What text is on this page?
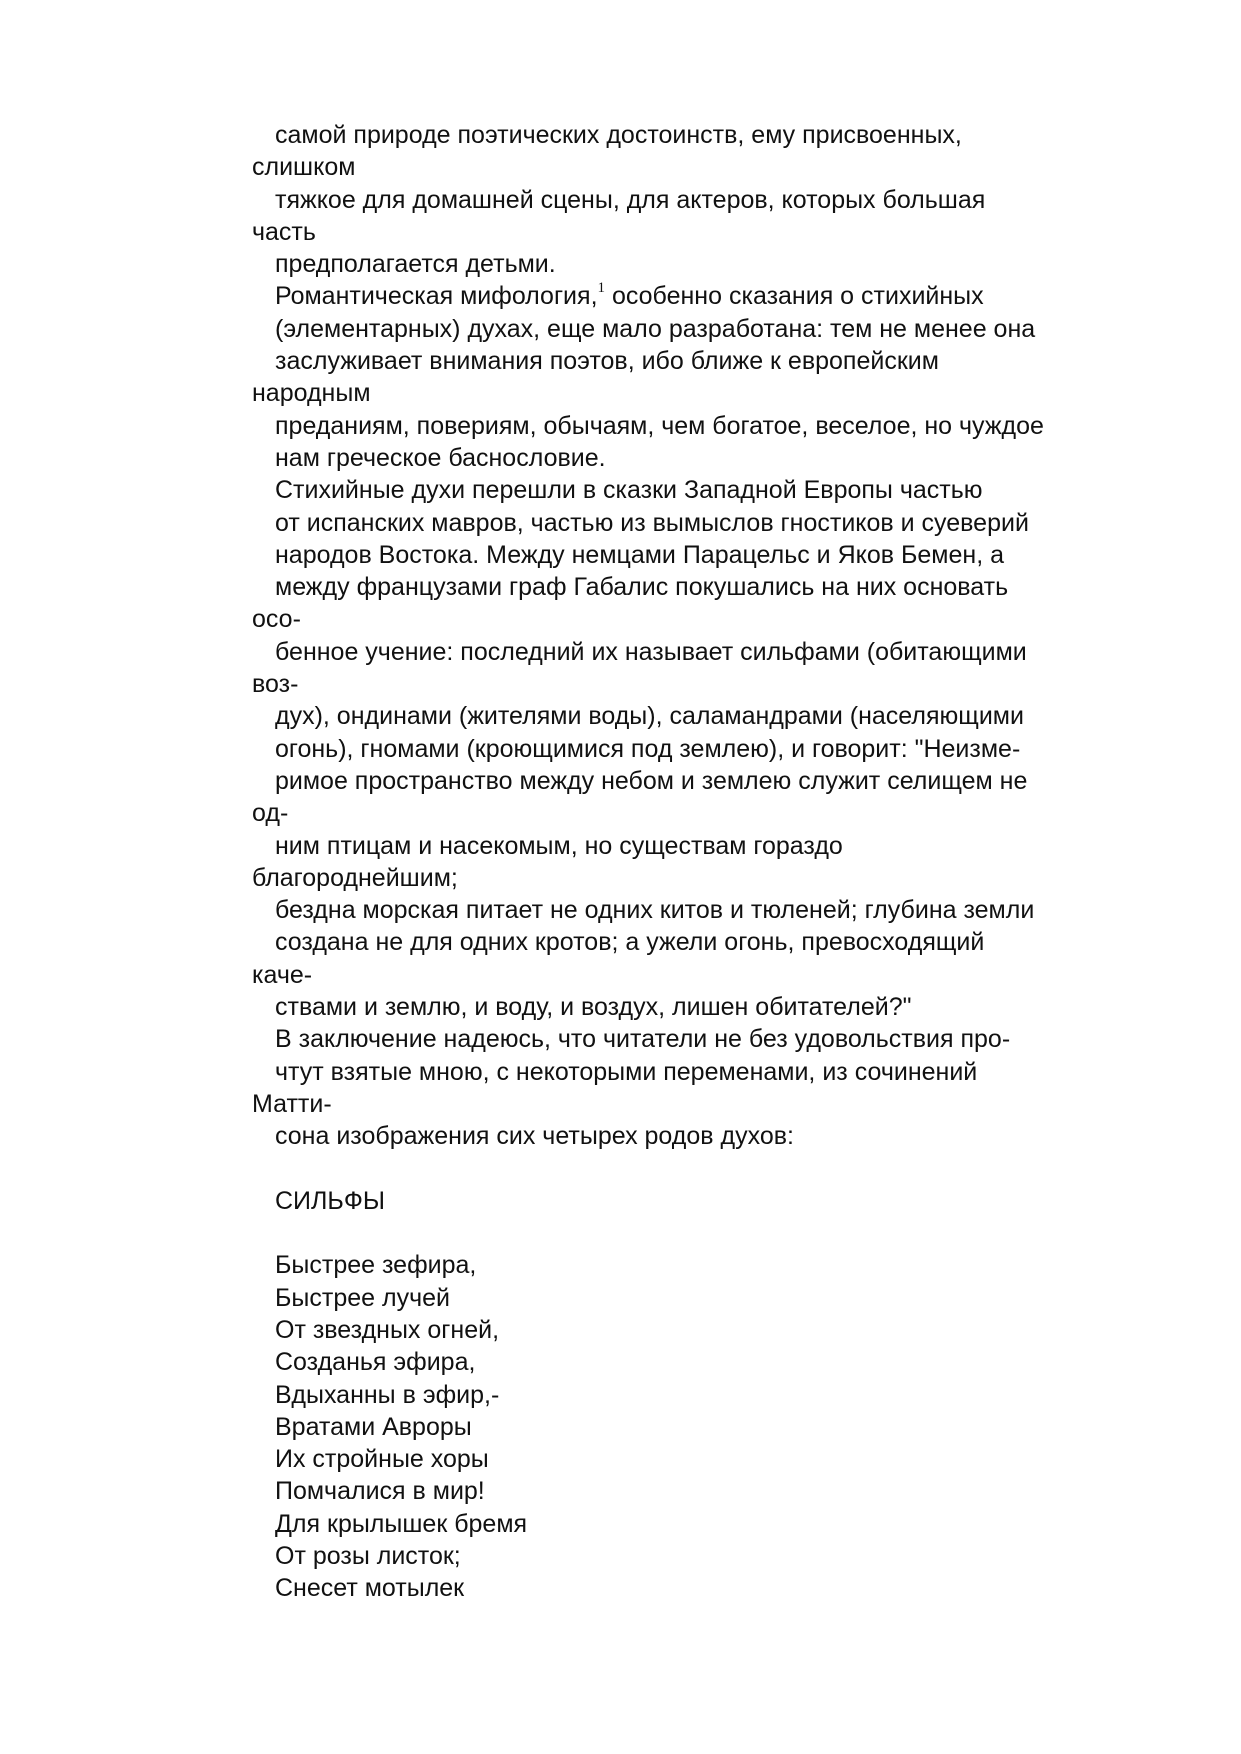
самой природе поэтических достоинств, ему присвоенных,
слишком
тяжкое для домашней сцены, для актеров, которых большая
часть
предполагается детьми.
Романтическая мифология,$^1$ особенно сказания о стихийных
(элементарных) духах, еще мало разработана: тем не менее она
заслуживает внимания поэтов, ибо ближе к европейским
народным
преданиям, повериям, обычаям, чем богатое, веселое, но чуждое
нам греческое баснословие.
Стихийные духи перешли в сказки Западной Европы частью
от испанских мавров, частью из вымыслов гностиков и суеверий
народов Востока. Между немцами Парацельс и Яков Бемен, а
между французами граф Габалис покушались на них основать
осо-
бенное учение: последний их называет сильфами (обитающими
воз-
дух), ондинами (жителями воды), саламандрами (населяющими
огонь), гномами (кроющимися под землею), и говорит: "Неизме-
римое пространство между небом и землею служит селищем не
од-
ним птицам и насекомым, но существам гораздо
благороднейшим;
бездна морская питает не одних китов и тюленей; глубина земли
создана не для одних кротов; а ужели огонь, превосходящий
каче-
ствами и землю, и воду, и воздух, лишен обитателей?"
В заключение надеюсь, что читатели не без удовольствия про-
чтут взятые мною, с некоторыми переменами, из сочинений
Матти-
сона изображения сих четырех родов духов:
СИЛЬФЫ
Быстрее зефира,
Быстрее лучей
От звездных огней,
Созданья эфира,
Вдыханны в эфир,-
Вратами Авроры
Их стройные хоры
Помчалися в мир!
Для крылышек бремя
От розы листок;
Снесет мотылек
